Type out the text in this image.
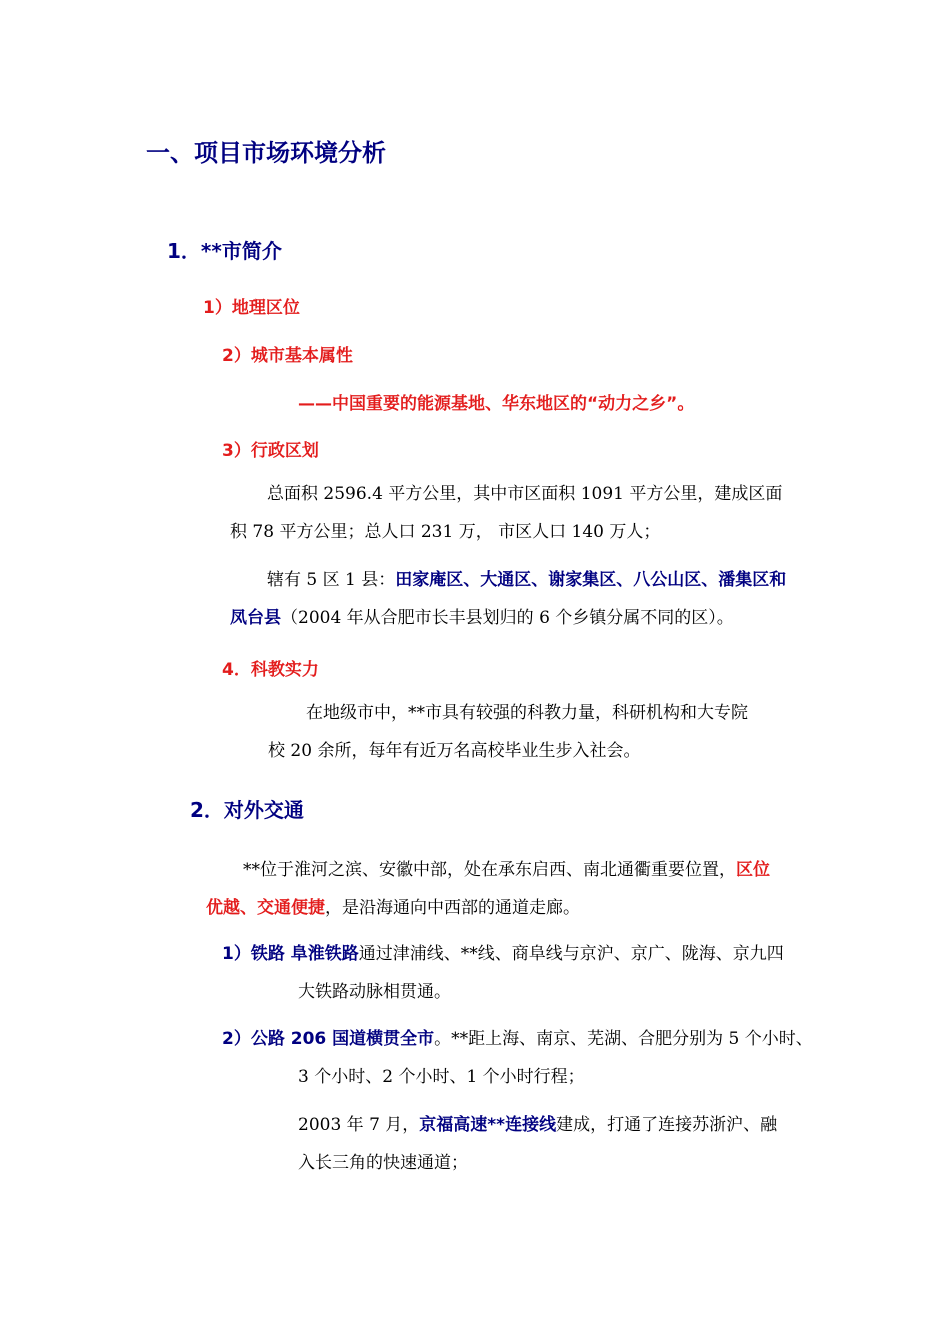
一、项目市场环境分析
1．**市简介
1）地理区位
2）城市基本属性
——中国重要的能源基地、华东地区的“动力之乡”。
3）行政区划

总面积 2596.4 平方公里，其中市区面积 1091 平方公里，建成区面

积 78 平方公里；总人口 231 万， 市区人口 140 万人；

辖有 5 区 1 县：田家庵区、大通区、谢家集区、八公山区、潘集区和

凤台县（2004 年从合肥市长丰县划归的 6 个乡镇分属不同的区）。

4．科教实力

在地级市中，**市具有较强的科教力量，科研机构和大专院

校 20 余所，每年有近万名高校毕业生步入社会。

2．对外交通

**位于淮河之滨、安徽中部，处在承东启西、南北通衢重要位置，区位

优越、交通便捷，是沿海通向中西部的通道走廊。

1）铁路 阜淮铁路通过津浦线、**线、商阜线与京沪、京广、陇海、京九四

大铁路动脉相贯通。

2）公路 206 国道横贯全市。**距上海、南京、芜湖、合肥分别为 5 个小时、

3 个小时、2 个小时、1 个小时行程；

2003 年 7 月，京福高速**连接线建成，打通了连接苏浙沪、融

入长三角的快速通道；
